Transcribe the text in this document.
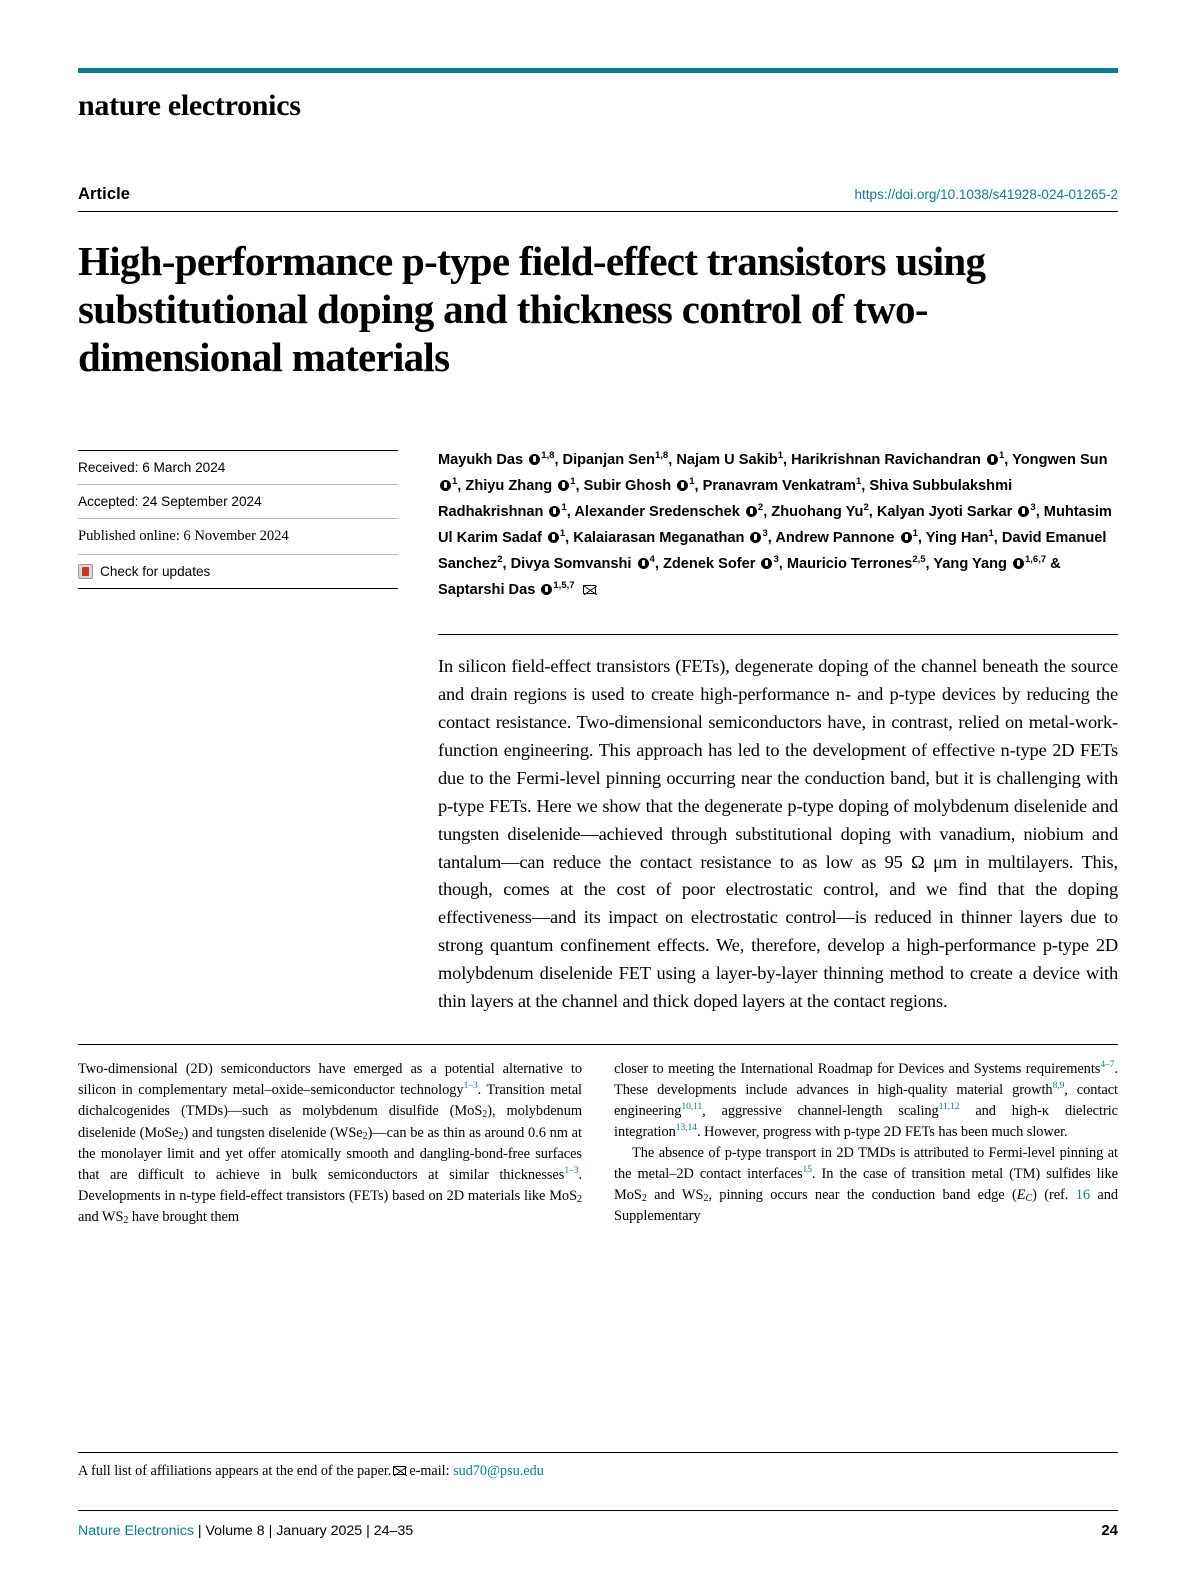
nature electronics
Article	https://doi.org/10.1038/s41928-024-01265-2
High-performance p-type field-effect transistors using substitutional doping and thickness control of two-dimensional materials
Received: 6 March 2024
Accepted: 24 September 2024
Published online: 6 November 2024
Check for updates
Mayukh Das $^{1,8}$, Dipanjan Sen$^{1,8}$, Najam U Sakib$^1$, Harikrishnan Ravichandran $^1$, Yongwen Sun $^1$, Zhiyu Zhang $^1$, Subir Ghosh $^1$, Pranavram Venkatram$^1$, Shiva Subbulakshmi Radhakrishnan $^1$, Alexander Sredenschek $^2$, Zhuohang Yu$^2$, Kalyan Jyoti Sarkar $^3$, Muhtasim Ul Karim Sadaf $^1$, Kalaiarasan Meganathan $^3$, Andrew Pannone $^1$, Ying Han$^1$, David Emanuel Sanchez$^2$, Divya Somvanshi $^4$, Zdenek Sofer $^3$, Mauricio Terrones$^{2,5}$, Yang Yang $^{1,6,7}$ & Saptarshi Das $^{1,5,7}$
In silicon field-effect transistors (FETs), degenerate doping of the channel beneath the source and drain regions is used to create high-performance n- and p-type devices by reducing the contact resistance. Two-dimensional semiconductors have, in contrast, relied on metal-work-function engineering. This approach has led to the development of effective n-type 2D FETs due to the Fermi-level pinning occurring near the conduction band, but it is challenging with p-type FETs. Here we show that the degenerate p-type doping of molybdenum diselenide and tungsten diselenide—achieved through substitutional doping with vanadium, niobium and tantalum—can reduce the contact resistance to as low as 95 Ω μm in multilayers. This, though, comes at the cost of poor electrostatic control, and we find that the doping effectiveness—and its impact on electrostatic control—is reduced in thinner layers due to strong quantum confinement effects. We, therefore, develop a high-performance p-type 2D molybdenum diselenide FET using a layer-by-layer thinning method to create a device with thin layers at the channel and thick doped layers at the contact regions.

Two-dimensional (2D) semiconductors have emerged as a potential alternative to silicon in complementary metal–oxide–semiconductor technology$^{1-3}$. Transition metal dichalcogenides (TMDs)—such as molybdenum disulfide (MoS$_2$), molybdenum diselenide (MoSe$_2$) and tungsten diselenide (WSe$_2$)—can be as thin as around 0.6 nm at the monolayer limit and yet offer atomically smooth and dangling-bond-free surfaces that are difficult to achieve in bulk semiconductors at similar thicknesses$^{1-3}$. Developments in n-type field-effect transistors (FETs) based on 2D materials like MoS$_2$ and $WS_2$ have brought them

closer to meeting the International Roadmap for Devices and Systems requirements$^{4-7}$. These developments include advances in high-quality material growth$^{8,9}$, contact engineering$^{10,11}$, aggressive channel-length scaling$^{11,12}$ and high-κ dielectric integration$^{13,14}$. However, progress with p-type 2D FETs has been much slower.

The absence of p-type transport in 2D TMDs is attributed to Fermi-level pinning at the metal–2D contact interfaces$^{15}$. In the case of transition metal (TM) sulfides like MoS$_2$ and $WS_2$, pinning occurs near the conduction band edge $(E_C)$ (ref. 16 and Supplementary

A full list of affiliations appears at the end of the paper. e-mail: sud70@psu.edu
Nature Electronics | Volume 8 | January 2025 | 24–35	24
